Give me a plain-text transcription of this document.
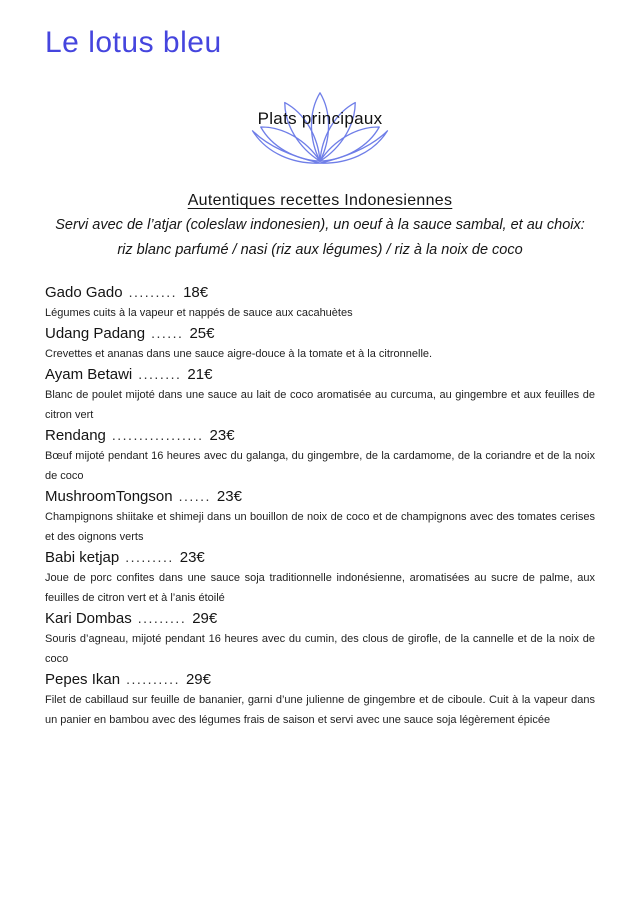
Le lotus bleu
Plats principaux
Autentiques recettes Indonesiennes
Servi avec de l’atjar (coleslaw indonesien), un oeuf à la sauce sambal, et au choix:
riz blanc parfumé / nasi (riz aux légumes) / riz à la noix de coco
Gado Gado ......... 18€
Légumes cuits à la vapeur et nappés de sauce aux cacahuètes
Udang Padang ...... 25€
Crevettes et ananas dans une sauce aigre-douce à la tomate et à la citronnelle.
Ayam Betawi ........ 21€
Blanc de poulet mijoté dans une sauce au lait de coco aromatisée au curcuma, au gingembre et aux feuilles de citron vert
Rendang ................. 23€
Bœuf mijoté pendant 16 heures avec du galanga, du gingembre, de la cardamome, de la coriandre et de la noix de coco
MushroomTongson ...... 23€
Champignons shiitake et shimeji dans un bouillon de noix de coco et de champignons avec des tomates cerises et des oignons verts
Babi ketjap ......... 23€
Joue de porc confites dans une sauce soja traditionnelle indonésienne, aromatisées au sucre de palme, aux feuilles de citron vert et à l’anis étoilé
Kari Dombas ......... 29€
Souris d’agneau, mijoté pendant 16 heures avec du cumin, des clous de girofle, de la cannelle et de la noix de coco
Pepes Ikan .......... 29€
Filet de cabillaud sur feuille de bananier, garni d’une julienne de gingembre et de ciboule. Cuit à la vapeur dans un panier en bambou avec des légumes frais de saison et servi avec une sauce soja légèrement épicée
